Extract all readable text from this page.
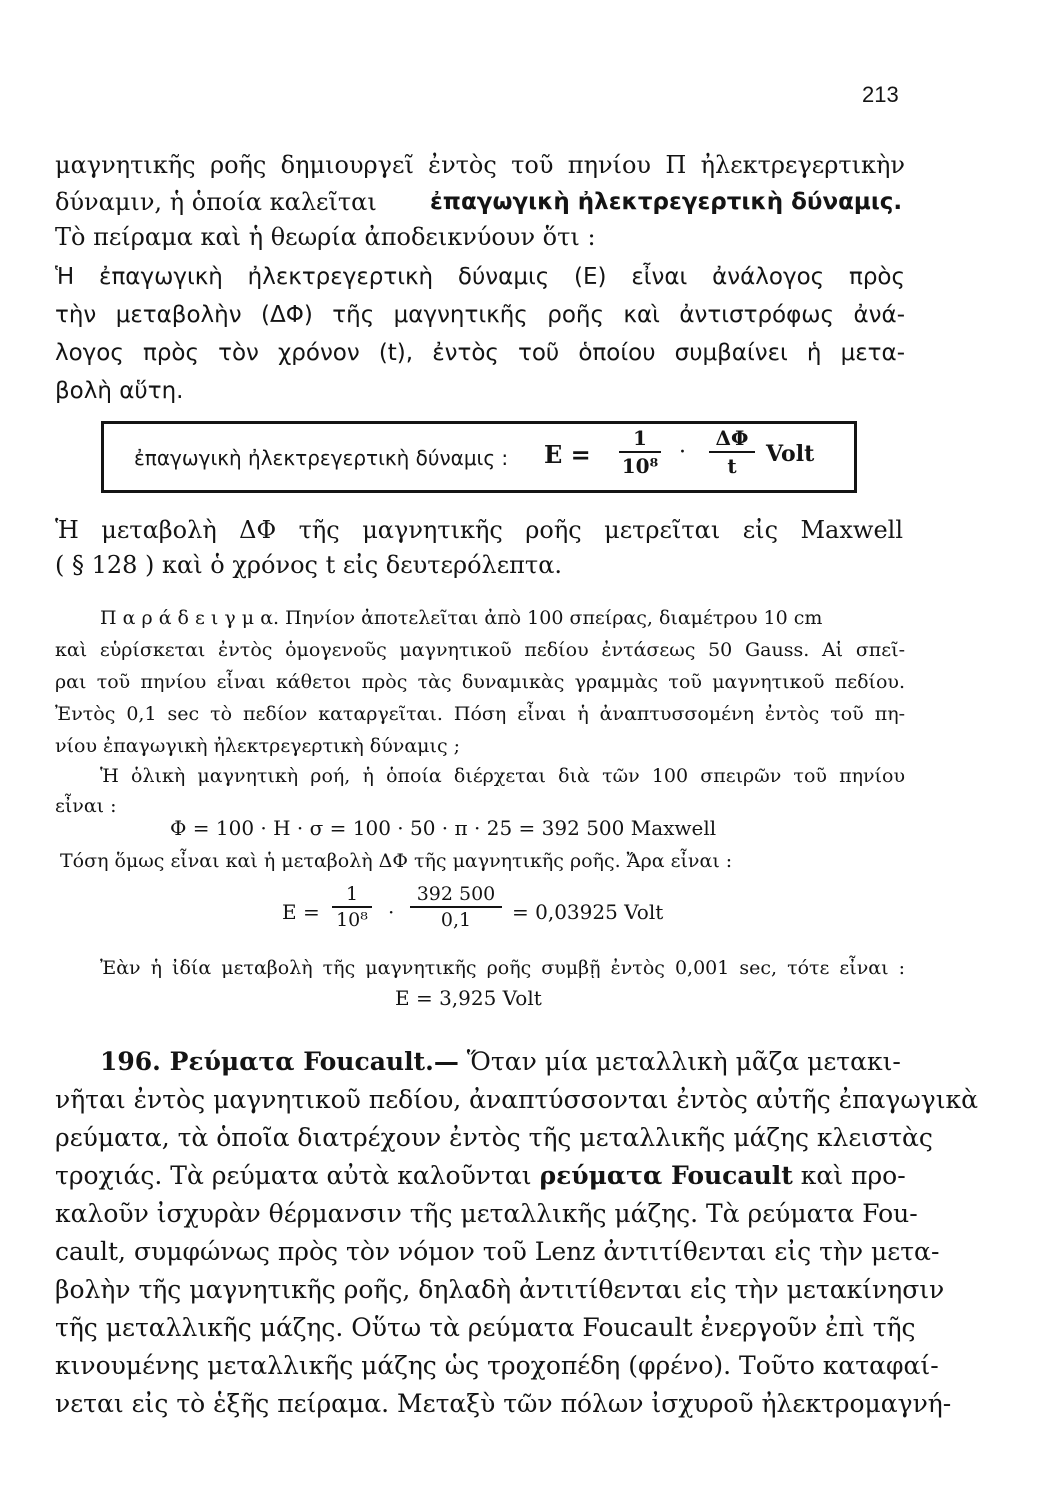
213
μαγνητικῆς ροῆς δημιουργεῖ ἐντὸς τοῦ πηνίου Π ἠλεκτρεγερτικὴν
δύναμιν, ἡ ὁποία καλεῖται ἐπαγωγικὴ ἠλεκτρεγερτικὴ δύναμις.
Τὸ πείραμα καὶ ἡ θεωρία ἀποδεικνύουν ὅτι :
Ἡ ἐπαγωγικὴ ἠλεκτρεγερτικὴ δύναμις (Ε) εἶναι ἀνάλογος πρὸς
τὴν μεταβολὴν (ΔΦ) τῆς μαγνητικῆς ροῆς καὶ ἀντιστρόφως ἀνά-
λογος πρὸς τὸν χρόνον (t), ἐντὸς τοῦ ὁποίου συμβαίνει ἡ μετα-
βολὴ αὕτη.
ἐπαγωγικὴ ἠλεκτρεγερτικὴ δύναμις : Ε =
1
10⁸
·
ΔΦ
t	Volt
Ἡ μεταβολὴ ΔΦ τῆς μαγνητικῆς ροῆς μετρεῖται εἰς Maxwell
( § 128 ) καὶ ὁ χρόνος t εἰς δευτερόλεπτα.
Π α ρ ά δ ε ι γ μ α. Πηνίον ἀποτελεῖται ἀπὸ 100 σπείρας, διαμέτρου 10 cm
καὶ εὑρίσκεται ἐντὸς ὁμογενοῦς μαγνητικοῦ πεδίου ἐντάσεως 50 Gauss. Αἱ σπεῖ-
ραι τοῦ πηνίου εἶναι κάθετοι πρὸς τὰς δυναμικὰς γραμμὰς τοῦ μαγνητικοῦ πεδίου.
Ἐντὸς 0,1 sec τὸ πεδίον καταργεῖται. Πόση εἶναι ἡ ἀναπτυσσομένη ἐντὸς τοῦ πη-
νίου ἐπαγωγικὴ ἠλεκτρεγερτικὴ δύναμις ;
Ἡ ὁλικὴ μαγνητικὴ ροή, ἡ ὁποία διέρχεται διὰ τῶν 100 σπειρῶν τοῦ πηνίου
εἶναι :
Φ = 100 · Η · σ = 100 · 50 · π · 25 = 392 500 Maxwell
Τόση ὅμως εἶναι καὶ ἡ μεταβολὴ ΔΦ τῆς μαγνητικῆς ροῆς. Ἄρα εἶναι :
Ε =
1
10⁸ ·
392 500
0,1	= 0,03925 Volt
Ἐὰν ἡ ἰδία μεταβολὴ τῆς μαγνητικῆς ροῆς συμβῇ ἐντὸς 0,001 sec, τότε εἶναι :
Ε = 3,925 Volt
196. Ρεύματα Foucault.— Ὅταν μία μεταλλικὴ μᾶζα μετακι-
νῆται ἐντὸς μαγνητικοῦ πεδίου, ἀναπτύσσονται ἐντὸς αὐτῆς ἐπαγωγικὰ
ρεύματα, τὰ ὁποῖα διατρέχουν ἐντὸς τῆς μεταλλικῆς μάζης κλειστὰς
τροχιάς. Τὰ ρεύματα αὐτὰ καλοῦνται ρεύματα Foucault καὶ προ-
καλοῦν ἰσχυρὰν θέρμανσιν τῆς μεταλλικῆς μάζης. Τὰ ρεύματα Fou-
cault, συμφώνως πρὸς τὸν νόμον τοῦ Lenz ἀντιτίθενται εἰς τὴν μετα-
βολὴν τῆς μαγνητικῆς ροῆς, δηλαδὴ ἀντιτίθενται εἰς τὴν μετακίνησιν
τῆς μεταλλικῆς μάζης. Οὕτω τὰ ρεύματα Foucault ἐνεργοῦν ἐπὶ τῆς
κινουμένης μεταλλικῆς μάζης ὡς τροχοπέδη (φρένο). Τοῦτο καταφαί-
νεται εἰς τὸ ἑξῆς πείραμα. Μεταξὺ τῶν πόλων ἰσχυροῦ ἠλεκτρομαγνή-
